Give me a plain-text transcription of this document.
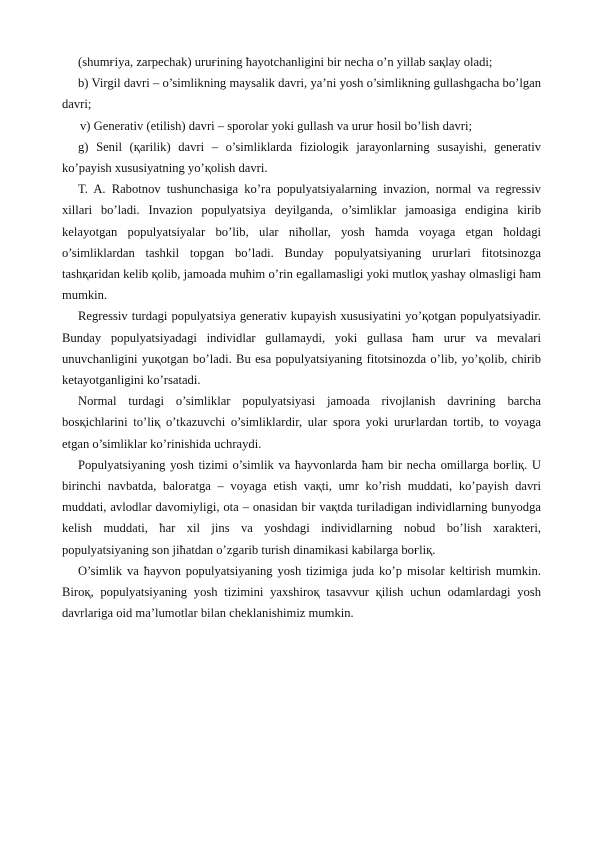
(shumғiya, zarpechak) uruғining ћayotchanligini bir necha o’n yillab saқlay oladi;

b) Virgil davri – o’simlikning maysalik davri, ya’ni yosh o’simlikning gullashgacha bo’lgan davri;

v) Generativ (etilish) davri – sporolar yoki gullash va uruғ ћosil bo’lish davri;

g) Senil (қarilik) davri – o’simliklarda fiziologik jarayonlarning susayishi, generativ ko’payish xususiyatning yo’қolish davri.

T. A. Rabotnov tushunchasiga ko’ra populyatsiyalarning invazion, normal va regressiv xillari bo’ladi. Invazion populyatsiya deyilganda, o’simliklar jamoasiga endigina kirib kelayotgan populyatsiyalar bo’lib, ular niћollar, yosh ћamda voyaga etgan ћoldagi o’simliklardan tashkil topgan bo’ladi. Bunday populyatsiyaning uruғlari fitotsinozga tashқaridan kelib қolib, jamoada muћim o’rin egallamasligi yoki mutloқ yashay olmasligi ћam mumkin.

Regressiv turdagi populyatsiya generativ kupayish xususiyatini yo’қotgan populyatsiyadir. Bunday populyatsiyadagi individlar gullamaydi, yoki gullasa ћam uruғ va mevalari unuvchanligini yuқotgan bo’ladi. Bu esa populyatsiyaning fitotsinozda o’lib, yo’қolib, chirib ketayotganligini ko’rsatadi.

Normal turdagi o’simliklar populyatsiyasi jamoada rivojlanish davrining barcha bosқichlarini to’liқ o’tkazuvchi o’simliklardir, ular spora yoki uruғlardan tortib, to voyaga etgan o’simliklar ko’rinishida uchraydi.

Populyatsiyaning yosh tizimi o’simlik va ћayvonlarda ћam bir necha omillarga boғliқ. U birinchi navbatda, baloғatga – voyaga etish vaқti, umr ko’rish muddati, ko’payish davri muddati, avlodlar davomiyligi, ota – onasidan bir vaқtda tuғiladigan individlarning bunyodga kelish muddati, ћar xil jins va yoshdagi individlarning nobud bo’lish xarakteri, populyatsiyaning son jiћatdan o’zgarib turish dinamikasi kabilarga boғliқ.

O’simlik va ћayvon populyatsiyaning yosh tizimiga juda ko’p misolar keltirish mumkin. Biroқ, populyatsiyaning yosh tizimini yaxshiroқ tasavvur қilish uchun odamlardagi yosh davrlariga oid ma’lumotlar bilan cheklanishimiz mumkin.
